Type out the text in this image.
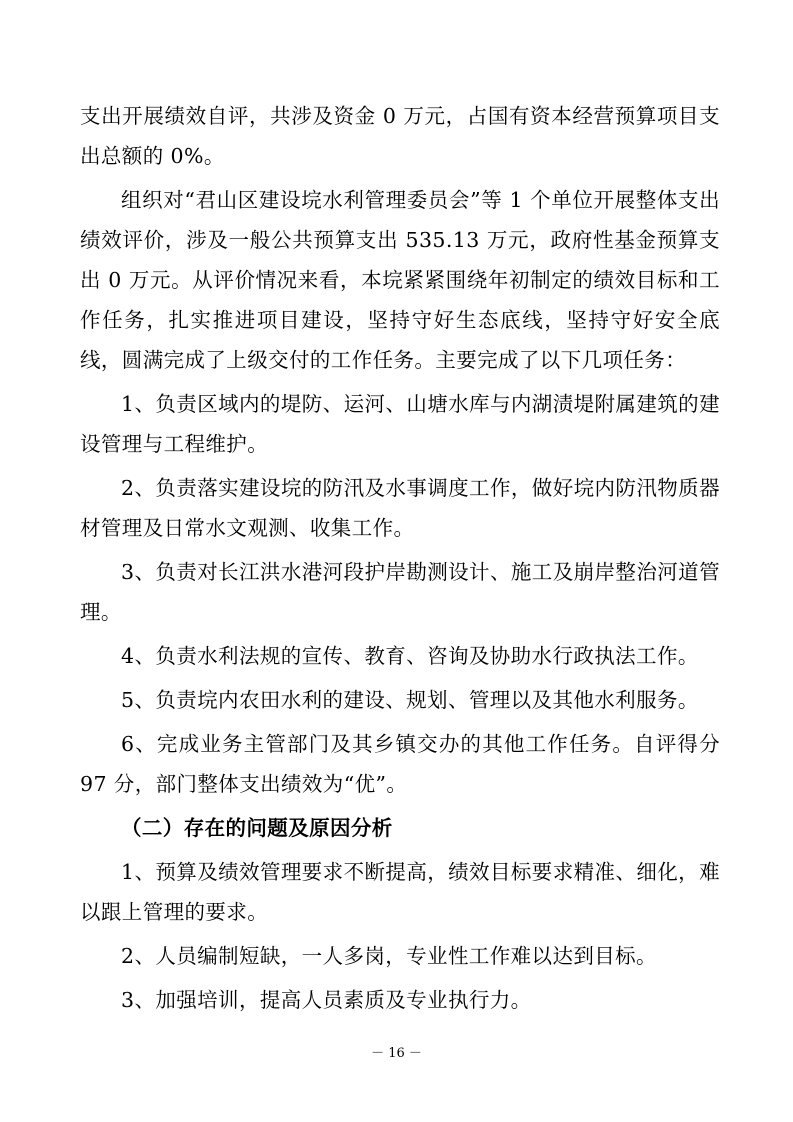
支出开展绩效自评，共涉及资金 0 万元，占国有资本经营预算项目支出总额的 0%。

组织对“君山区建设垸水利管理委员会”等 1 个单位开展整体支出绩效评价，涉及一般公共预算支出 535.13 万元，政府性基金预算支出 0 万元。从评价情况来看，本垸紧紧围绕年初制定的绩效目标和工作任务，扎实推进项目建设，坚持守好生态底线，坚持守好安全底线，圆满完成了上级交付的工作任务。主要完成了以下几项任务：

1、负责区域内的堤防、运河、山塘水库与内湖渍堤附属建筑的建设管理与工程维护。

2、负责落实建设垸的防汛及水事调度工作，做好垸内防汛物质器材管理及日常水文观测、收集工作。

3、负责对长江洪水港河段护岸勘测设计、施工及崩岸整治河道管理。

4、负责水利法规的宣传、教育、咨询及协助水行政执法工作。

5、负责垸内农田水利的建设、规划、管理以及其他水利服务。

6、完成业务主管部门及其乡镇交办的其他工作任务。自评得分 97 分，部门整体支出绩效为“优”。

（二）存在的问题及原因分析

1、预算及绩效管理要求不断提高，绩效目标要求精准、细化，难以跟上管理的要求。

2、人员编制短缺，一人多岗，专业性工作难以达到目标。

3、加强培训，提高人员素质及专业执行力。

－ 16 －
